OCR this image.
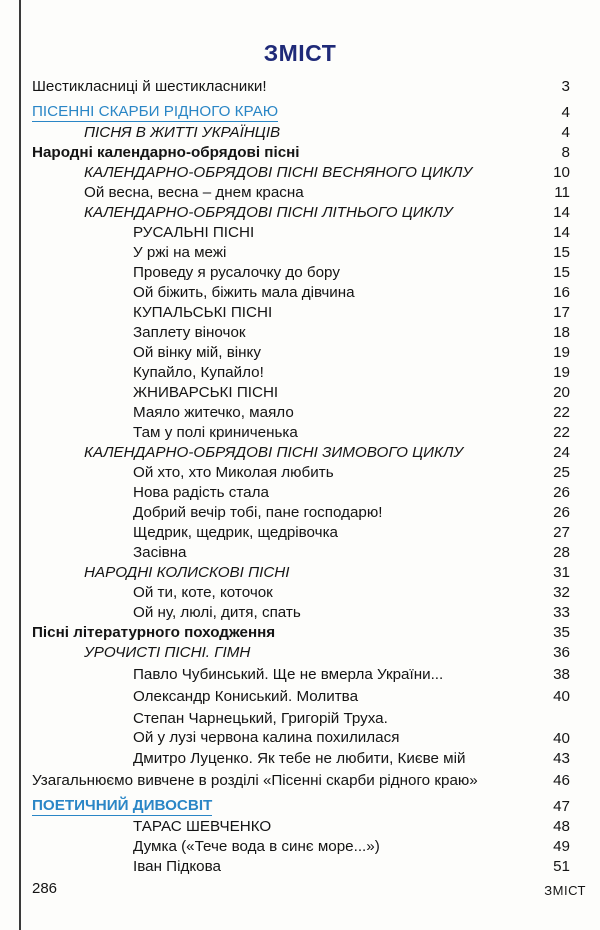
ЗМІСТ
Шестикласниці й шестикласники!	3
ПІСЕННІ СКАРБИ РІДНОГО КРАЮ	4
ПІСНЯ В ЖИТТІ УКРАЇНЦІВ	4
Народні календарно-обрядові пісні	8
КАЛЕНДАРНО-ОБРЯДОВІ ПІСНІ ВЕСНЯНОГО ЦИКЛУ	10
Ой весна, весна – днем красна	11
КАЛЕНДАРНО-ОБРЯДОВІ ПІСНІ ЛІТНЬОГО ЦИКЛУ	14
РУСАЛЬНІ ПІСНІ	14
У ржі на межі	15
Проведу я русалочку до бору	15
Ой біжить, біжить мала дівчина	16
КУПАЛЬСЬКІ ПІСНІ	17
Заплету віночок	18
Ой вінку мій, вінку	19
Купайло, Купайло!	19
ЖНИВАРСЬКІ ПІСНІ	20
Маяло житечко, маяло	22
Там у полі криниченька	22
КАЛЕНДАРНО-ОБРЯДОВІ ПІСНІ ЗИМОВОГО ЦИКЛУ	24
Ой хто, хто Миколая любить	25
Нова радість стала	26
Добрий вечір тобі, пане господарю!	26
Щедрик, щедрик, щедрівочка	27
Засівна	28
НАРОДНІ КОЛИСКОВІ ПІСНІ	31
Ой ти, коте, коточок	32
Ой ну, люлі, дитя, спать	33
Пісні літературного походження	35
УРОЧИСТІ ПІСНІ. ГІМН	36
Павло Чубинський. Ще не вмерла України...	38
Олександр Кониський. Молитва	40
Степан Чарнецький, Григорій Труха.
Ой у лузі червона калина похилилася	40
Дмитро Луценко. Як тебе не любити, Києве мій	43
Узагальнюємо вивчене в розділі «Пісенні скарби рідного краю»	46
ПОЕТИЧНИЙ ДИВОСВІТ	47
ТАРАС ШЕВЧЕНКО	48
Думка («Тече вода в синє море...»)	49
Іван Підкова	51
286	ЗМІСТ
